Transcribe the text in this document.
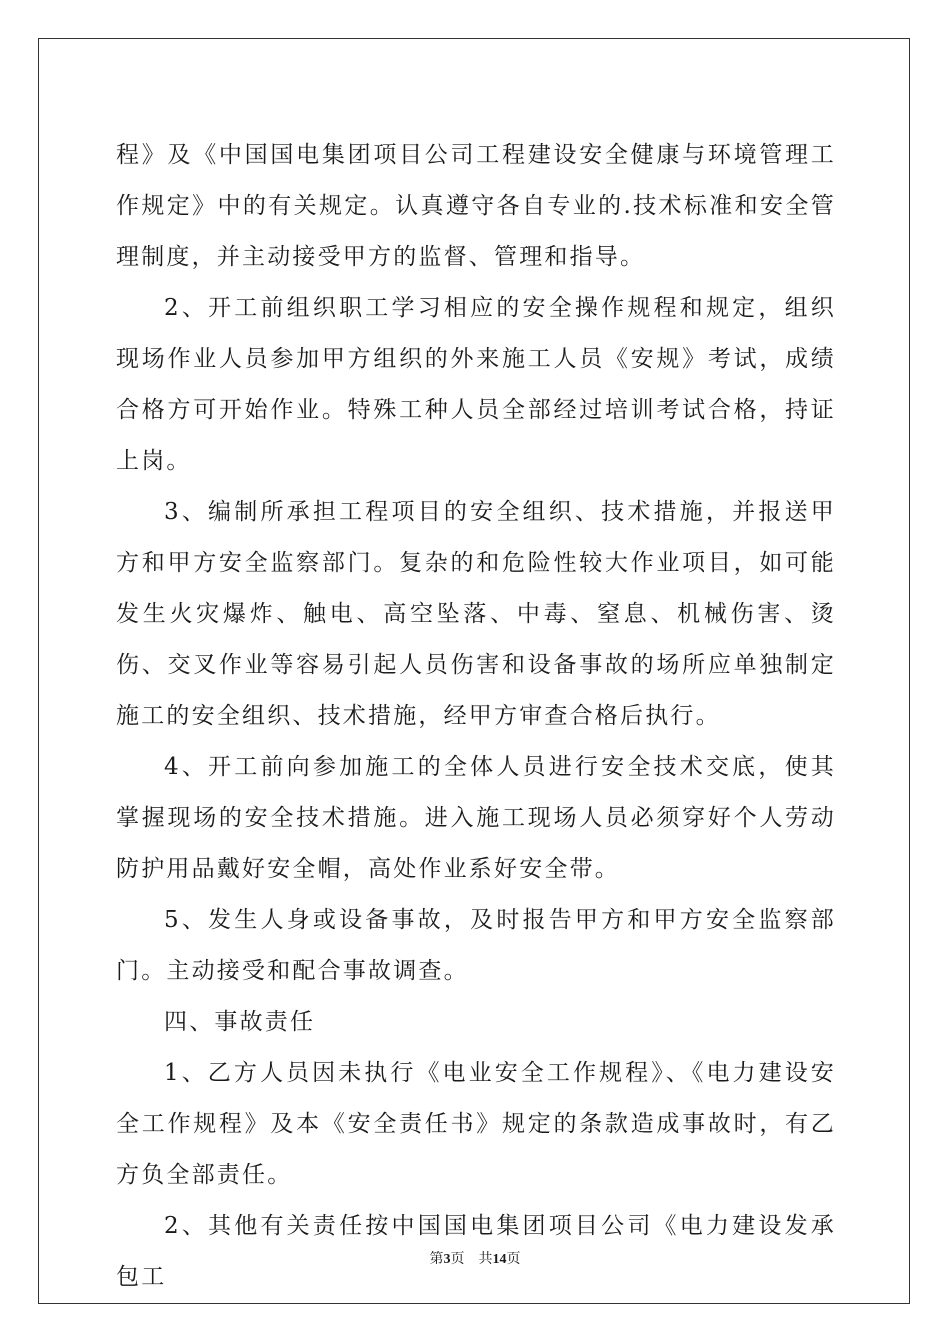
程》及《中国国电集团项目公司工程建设安全健康与环境管理工作规定》中的有关规定。认真遵守各自专业的.技术标准和安全管理制度，并主动接受甲方的监督、管理和指导。

2、开工前组织职工学习相应的安全操作规程和规定，组织现场作业人员参加甲方组织的外来施工人员《安规》考试，成绩合格方可开始作业。特殊工种人员全部经过培训考试合格，持证上岗。

3、编制所承担工程项目的安全组织、技术措施，并报送甲方和甲方安全监察部门。复杂的和危险性较大作业项目，如可能发生火灾爆炸、触电、高空坠落、中毒、窒息、机械伤害、烫伤、交叉作业等容易引起人员伤害和设备事故的场所应单独制定施工的安全组织、技术措施，经甲方审查合格后执行。

4、开工前向参加施工的全体人员进行安全技术交底，使其掌握现场的安全技术措施。进入施工现场人员必须穿好个人劳动防护用品戴好安全帽，高处作业系好安全带。

5、发生人身或设备事故，及时报告甲方和甲方安全监察部门。主动接受和配合事故调查。

四、事故责任

1、乙方人员因未执行《电业安全工作规程》、《电力建设安全工作规程》及本《安全责任书》规定的条款造成事故时，有乙方负全部责任。

2、其他有关责任按中国国电集团项目公司《电力建设发承包工

第3页 共14页
